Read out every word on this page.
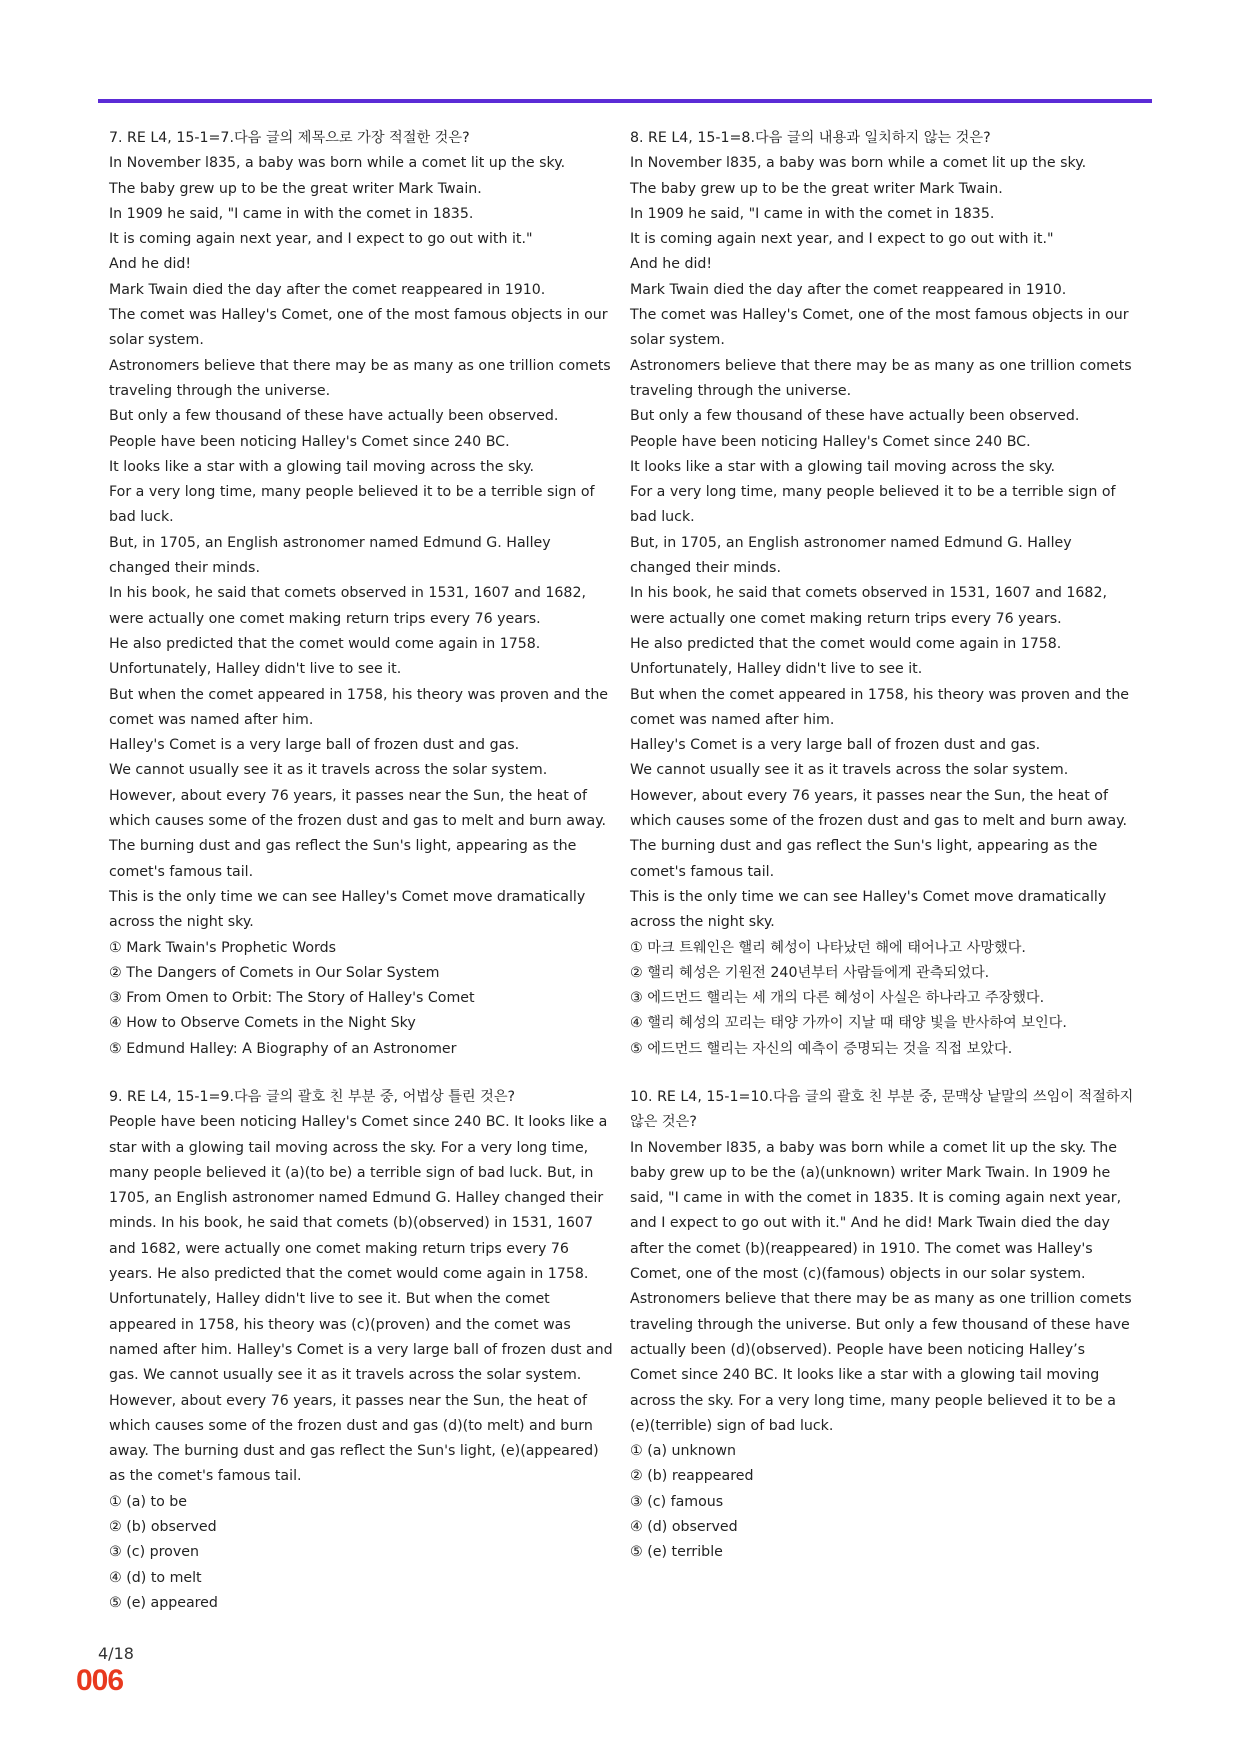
7. RE L4, 15-1=7.다음 글의 제목으로 가장 적절한 것은?

In November l835, a baby was born while a comet lit up the sky.

The baby grew up to be the great writer Mark Twain.

In 1909 he said, "I came in with the comet in 1835.

It is coming again next year, and I expect to go out with it."

And he did!

Mark Twain died the day after the comet reappeared in 1910.

The comet was Halley's Comet, one of the most famous objects in our solar system.

Astronomers believe that there may be as many as one trillion comets traveling through the universe.

But only a few thousand of these have actually been observed.

People have been noticing Halley's Comet since 240 BC.

It looks like a star with a glowing tail moving across the sky.

For a very long time, many people believed it to be a terrible sign of bad luck.

But, in 1705, an English astronomer named Edmund G. Halley changed their minds.

In his book, he said that comets observed in 1531, 1607 and 1682, were actually one comet making return trips every 76 years.

He also predicted that the comet would come again in 1758.

Unfortunately, Halley didn't live to see it.

But when the comet appeared in 1758, his theory was proven and the comet was named after him.

Halley's Comet is a very large ball of frozen dust and gas.

We cannot usually see it as it travels across the solar system.

However, about every 76 years, it passes near the Sun, the heat of which causes some of the frozen dust and gas to melt and burn away.

The burning dust and gas reflect the Sun's light, appearing as the comet's famous tail.

This is the only time we can see Halley's Comet move dramatically across the night sky.

① Mark Twain's Prophetic Words

② The Dangers of Comets in Our Solar System

③ From Omen to Orbit: The Story of Halley's Comet

④ How to Observe Comets in the Night Sky

⑤ Edmund Halley: A Biography of an Astronomer

8. RE L4, 15-1=8.다음 글의 내용과 일치하지 않는 것은?

In November l835, a baby was born while a comet lit up the sky.

The baby grew up to be the great writer Mark Twain.

In 1909 he said, "I came in with the comet in 1835.

It is coming again next year, and I expect to go out with it."

And he did!

Mark Twain died the day after the comet reappeared in 1910.

The comet was Halley's Comet, one of the most famous objects in our solar system.

Astronomers believe that there may be as many as one trillion comets traveling through the universe.

But only a few thousand of these have actually been observed.

People have been noticing Halley's Comet since 240 BC.

It looks like a star with a glowing tail moving across the sky.

For a very long time, many people believed it to be a terrible sign of bad luck.

But, in 1705, an English astronomer named Edmund G. Halley changed their minds.

In his book, he said that comets observed in 1531, 1607 and 1682, were actually one comet making return trips every 76 years.

He also predicted that the comet would come again in 1758.

Unfortunately, Halley didn't live to see it.

But when the comet appeared in 1758, his theory was proven and the comet was named after him.

Halley's Comet is a very large ball of frozen dust and gas.

We cannot usually see it as it travels across the solar system.

However, about every 76 years, it passes near the Sun, the heat of which causes some of the frozen dust and gas to melt and burn away.

The burning dust and gas reflect the Sun's light, appearing as the comet's famous tail.

This is the only time we can see Halley's Comet move dramatically across the night sky.

① 마크 트웨인은 핼리 혜성이 나타났던 해에 태어나고 사망했다.

② 핼리 혜성은 기원전 240년부터 사람들에게 관측되었다.

③ 에드먼드 핼리는 세 개의 다른 혜성이 사실은 하나라고 주장했다.

④ 핼리 혜성의 꼬리는 태양 가까이 지날 때 태양 빛을 반사하여 보인다.

⑤ 에드먼드 핼리는 자신의 예측이 증명되는 것을 직접 보았다.

9. RE L4, 15-1=9.다음 글의 괄호 친 부분 중, 어법상 틀린 것은?

People have been noticing Halley's Comet since 240 BC. It looks like a star with a glowing tail moving across the sky. For a very long time, many people believed it (a)(to be) a terrible sign of bad luck. But, in 1705, an English astronomer named Edmund G. Halley changed their minds. In his book, he said that comets (b)(observed) in 1531, 1607 and 1682, were actually one comet making return trips every 76 years. He also predicted that the comet would come again in 1758. Unfortunately, Halley didn't live to see it. But when the comet appeared in 1758, his theory was (c)(proven) and the comet was named after him. Halley's Comet is a very large ball of frozen dust and gas. We cannot usually see it as it travels across the solar system. However, about every 76 years, it passes near the Sun, the heat of which causes some of the frozen dust and gas (d)(to melt) and burn away. The burning dust and gas reflect the Sun's light, (e)(appeared) as the comet's famous tail.

① (a) to be

② (b) observed

③ (c) proven

④ (d) to melt

⑤ (e) appeared

10. RE L4, 15-1=10.다음 글의 괄호 친 부분 중, 문맥상 낱말의 쓰임이 적절하지 않은 것은?

In November l835, a baby was born while a comet lit up the sky. The baby grew up to be the (a)(unknown) writer Mark Twain. In 1909 he said, "I came in with the comet in 1835. It is coming again next year, and I expect to go out with it." And he did! Mark Twain died the day after the comet (b)(reappeared) in 1910. The comet was Halley's Comet, one of the most (c)(famous) objects in our solar system. Astronomers believe that there may be as many as one trillion comets traveling through the universe. But only a few thousand of these have actually been (d)(observed). People have been noticing Halley’s Comet since 240 BC. It looks like a star with a glowing tail moving across the sky. For a very long time, many people believed it to be a (e)(terrible) sign of bad luck.

① (a) unknown

② (b) reappeared

③ (c) famous

④ (d) observed

⑤ (e) terrible

4/18
006
